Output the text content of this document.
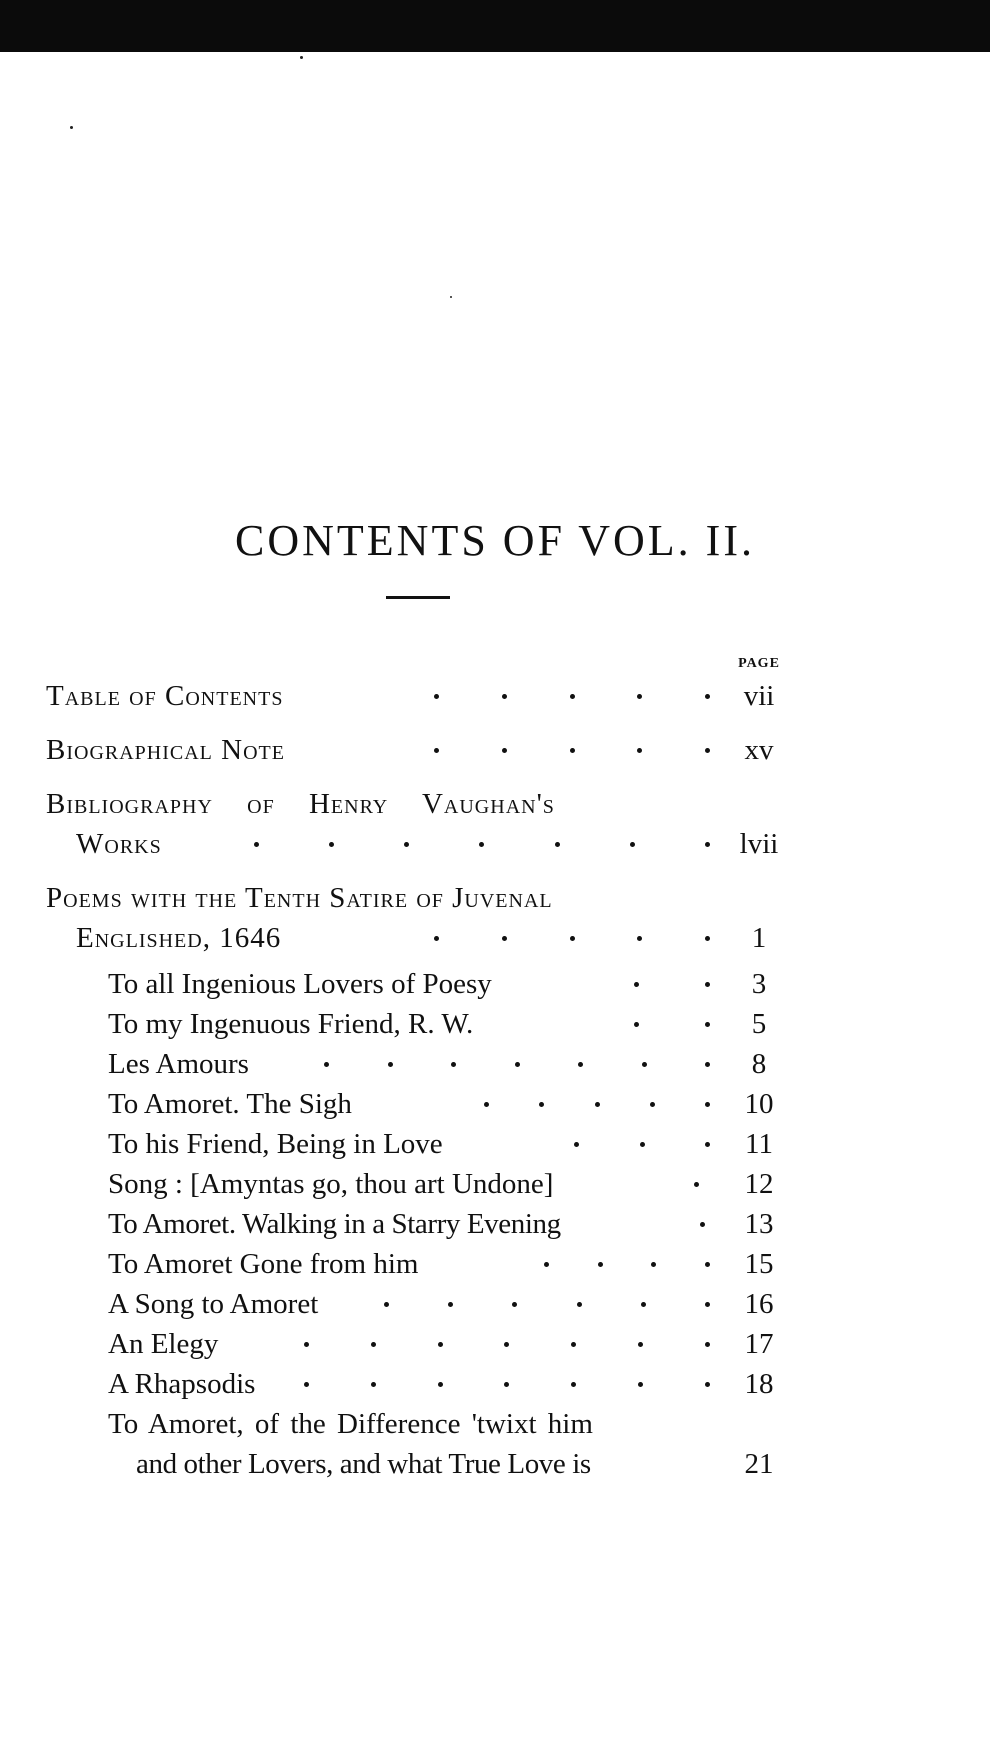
CONTENTS OF VOL. II.
PAGE
Table of Contents	vii
Biographical Note	xv
Bibliography of Henry Vaughan's
Works	lvii
Poems with the Tenth Satire of Juvenal
Englished, 1646	1
To all Ingenious Lovers of Poesy	3
To my Ingenuous Friend, R. W.	5
Les Amours	8
To Amoret. The Sigh	10
To his Friend, Being in Love	11
Song : [Amyntas go, thou art Undone]	12
To Amoret. Walking in a Starry Evening	13
To Amoret Gone from him	15
A Song to Amoret	16
An Elegy	17
A Rhapsodis	18
To Amoret, of the Difference 'twixt him
and other Lovers, and what True Love is	21
